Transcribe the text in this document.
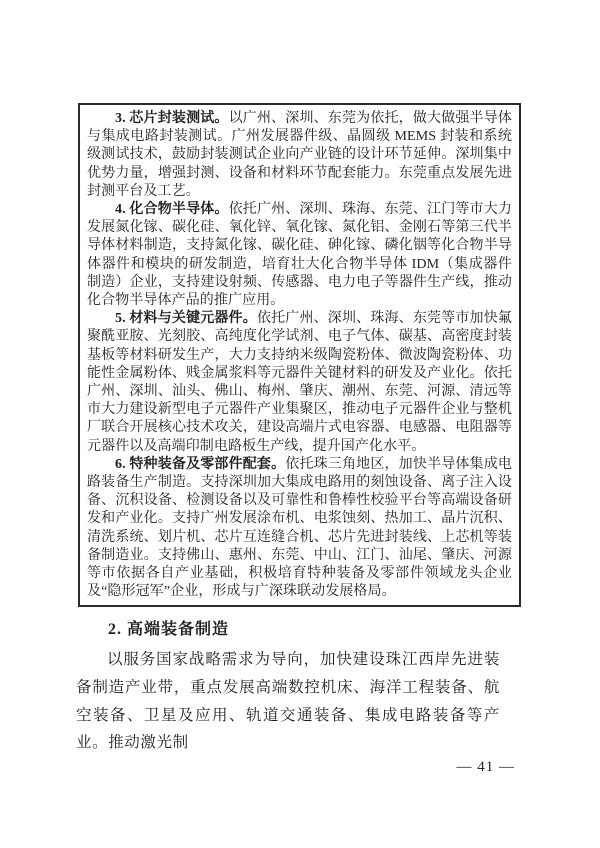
3. 芯片封装测试。以广州、深圳、东莞为依托，做大做强半导体与集成电路封装测试。广州发展器件级、晶圆级 MEMS 封装和系统级测试技术，鼓励封装测试企业向产业链的设计环节延伸。深圳集中优势力量，增强封测、设备和材料环节配套能力。东莞重点发展先进封测平台及工艺。

4. 化合物半导体。依托广州、深圳、珠海、东莞、江门等市大力发展氮化镓、碳化硅、氧化锌、氧化镓、氮化铝、金刚石等第三代半导体材料制造，支持氮化镓、碳化硅、砷化镓、磷化铟等化合物半导体器件和模块的研发制造，培育壮大化合物半导体 IDM（集成器件制造）企业，支持建设射频、传感器、电力电子等器件生产线，推动化合物半导体产品的推广应用。

5. 材料与关键元器件。依托广州、深圳、珠海、东莞等市加快氟聚酰亚胺、光刻胶、高纯度化学试剂、电子气体、碳基、高密度封装基板等材料研发生产，大力支持纳米级陶瓷粉体、微波陶瓷粉体、功能性金属粉体、贱金属浆料等元器件关键材料的研发及产业化。依托广州、深圳、汕头、佛山、梅州、肇庆、潮州、东莞、河源、清远等市大力建设新型电子元器件产业集聚区，推动电子元器件企业与整机厂联合开展核心技术攻关，建设高端片式电容器、电感器、电阻器等元器件以及高端印制电路板生产线，提升国产化水平。

6. 特种装备及零部件配套。依托珠三角地区，加快半导体集成电路装备生产制造。支持深圳加大集成电路用的刻蚀设备、离子注入设备、沉积设备、检测设备以及可靠性和鲁棒性校验平台等高端设备研发和产业化。支持广州发展涂布机、电浆蚀刻、热加工、晶片沉积、清洗系统、划片机、芯片互连缝合机、芯片先进封装线、上芯机等装备制造业。支持佛山、惠州、东莞、中山、江门、汕尾、肇庆、河源等市依据各自产业基础，积极培育特种装备及零部件领域龙头企业及“隐形冠军”企业，形成与广深珠联动发展格局。

2. 高端装备制造

以服务国家战略需求为导向，加快建设珠江西岸先进装备制造产业带，重点发展高端数控机床、海洋工程装备、航空装备、卫星及应用、轨道交通装备、集成电路装备等产业。推动激光制

— 41 —
